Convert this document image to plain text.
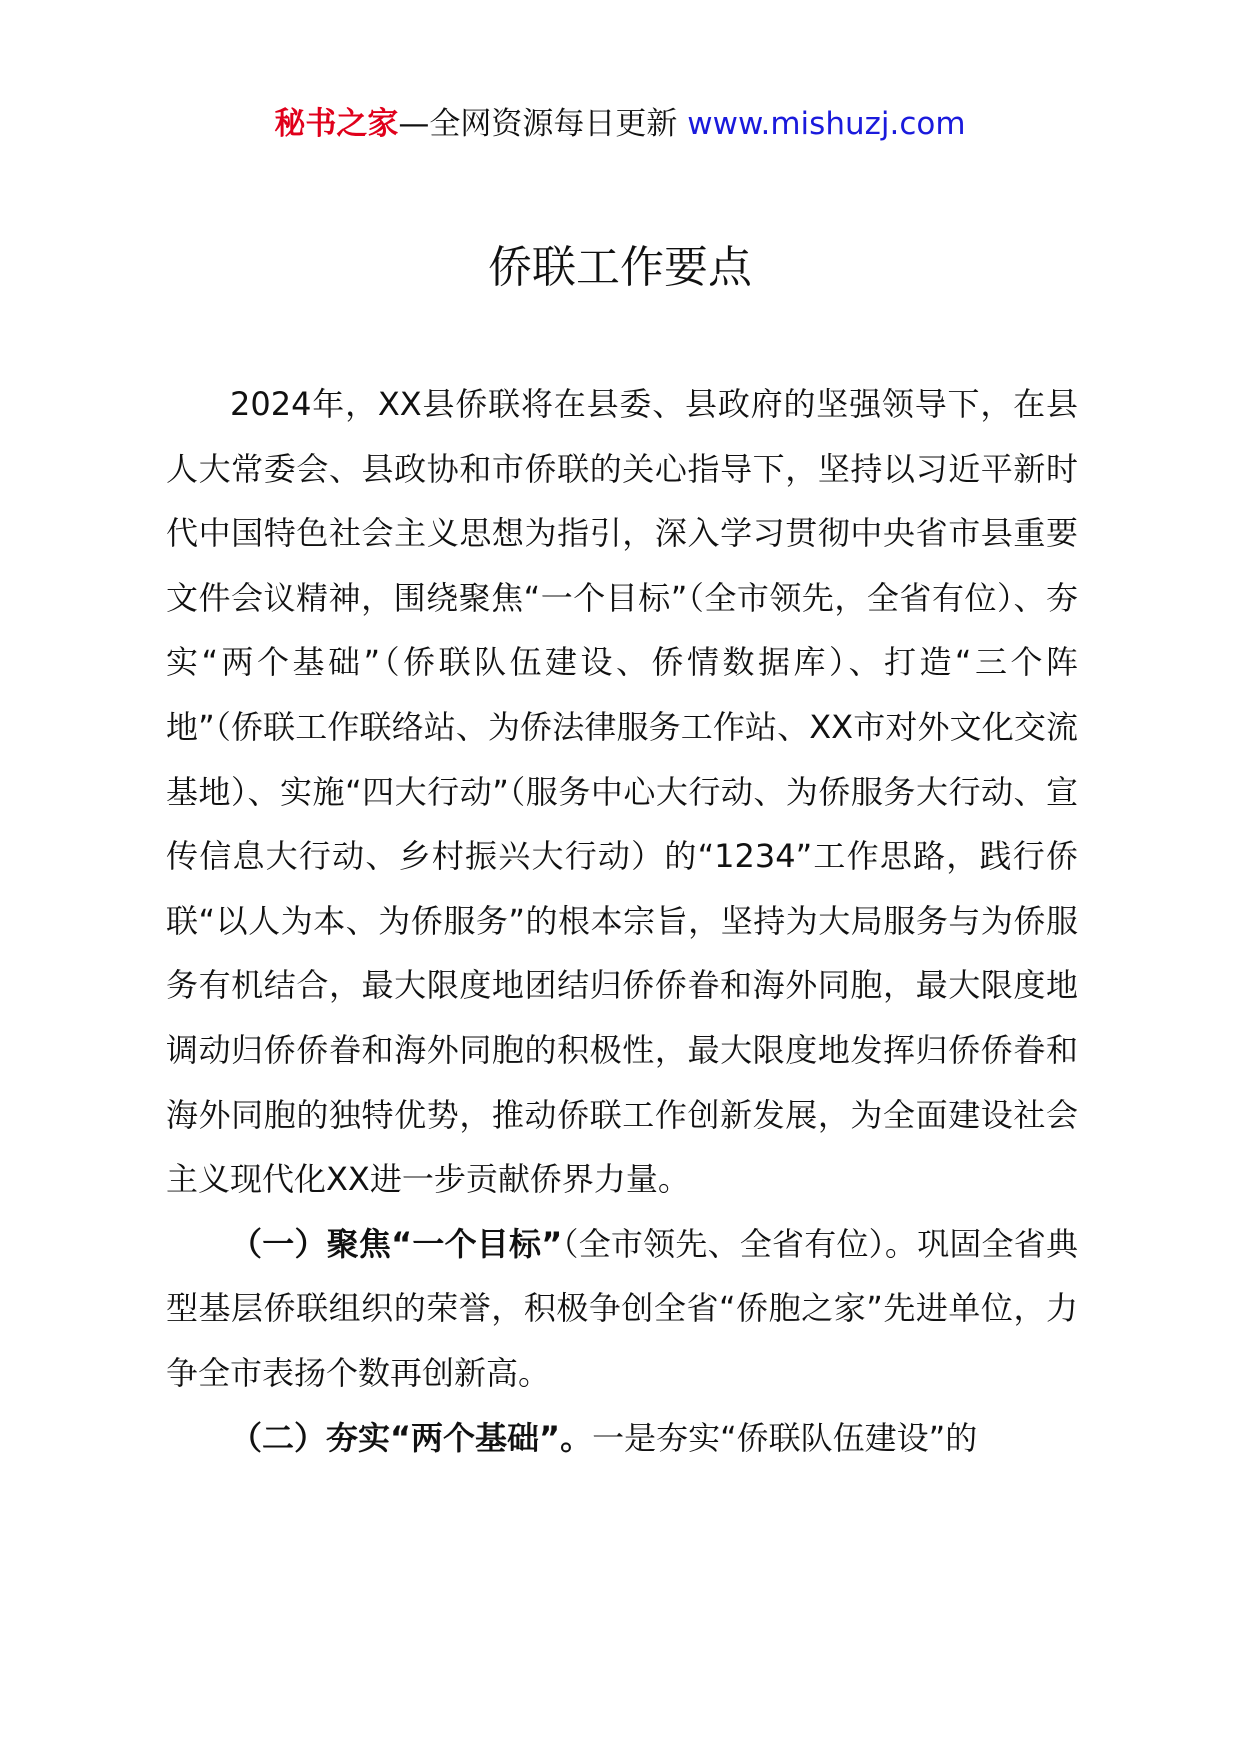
秘书之家—全网资源每日更新 www.mishuzj.com
侨联工作要点

2024年，XX县侨联将在县委、县政府的坚强领导下，在县人大常委会、县政协和市侨联的关心指导下，坚持以习近平新时代中国特色社会主义思想为指引，深入学习贯彻中央省市县重要文件会议精神，围绕聚焦“一个目标”（全市领先，全省有位）、夯实“两个基础”（侨联队伍建设、侨情数据库）、打造“三个阵地”（侨联工作联络站、为侨法律服务工作站、XX市对外文化交流基地）、实施“四大行动”（服务中心大行动、为侨服务大行动、宣传信息大行动、乡村振兴大行动）的“1234”工作思路，践行侨联“以人为本、为侨服务”的根本宗旨，坚持为大局服务与为侨服务有机结合，最大限度地团结归侨侨眷和海外同胞，最大限度地调动归侨侨眷和海外同胞的积极性，最大限度地发挥归侨侨眷和海外同胞的独特优势，推动侨联工作创新发展，为全面建设社会主义现代化XX进一步贡献侨界力量。

（一）聚焦“一个目标”（全市领先、全省有位）。巩固全省典型基层侨联组织的荣誉，积极争创全省“侨胞之家”先进单位，力争全市表扬个数再创新高。

（二）夯实“两个基础”。一是夯实“侨联队伍建设”的
